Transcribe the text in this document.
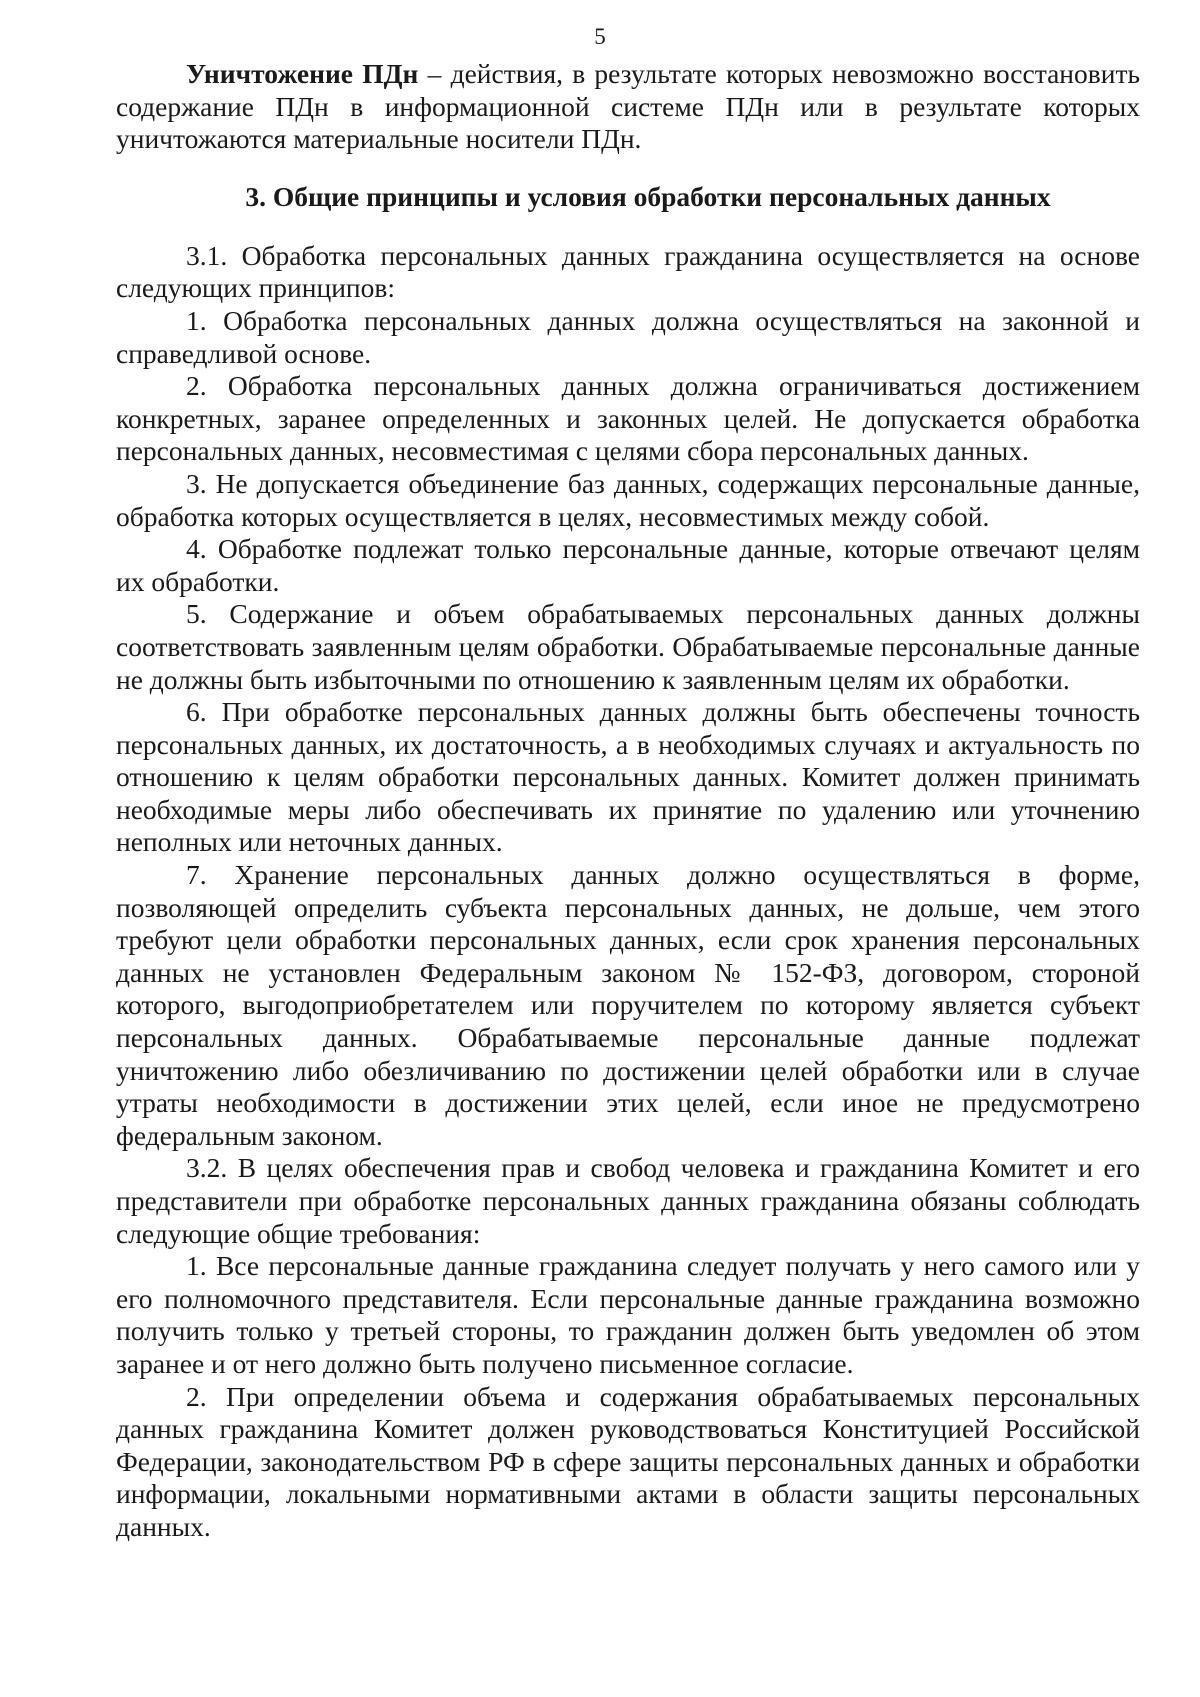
5

Уничтожение ПДн – действия, в результате которых невозможно восстановить содержание ПДн в информационной системе ПДн или в результате которых уничтожаются материальные носители ПДн.

3. Общие принципы и условия обработки персональных данных

3.1. Обработка персональных данных гражданина осуществляется на основе следующих принципов:

1. Обработка персональных данных должна осуществляться на законной и справедливой основе.

2. Обработка персональных данных должна ограничиваться достижением конкретных, заранее определенных и законных целей. Не допускается обработка персональных данных, несовместимая с целями сбора персональных данных.

3. Не допускается объединение баз данных, содержащих персональные данные, обработка которых осуществляется в целях, несовместимых между собой.

4. Обработке подлежат только персональные данные, которые отвечают целям их обработки.

5. Содержание и объем обрабатываемых персональных данных должны соответствовать заявленным целям обработки. Обрабатываемые персональные данные не должны быть избыточными по отношению к заявленным целям их обработки.

6. При обработке персональных данных должны быть обеспечены точность персональных данных, их достаточность, а в необходимых случаях и актуальность по отношению к целям обработки персональных данных. Комитет должен принимать необходимые меры либо обеспечивать их принятие по удалению или уточнению неполных или неточных данных.

7. Хранение персональных данных должно осуществляться в форме, позволяющей определить субъекта персональных данных, не дольше, чем этого требуют цели обработки персональных данных, если срок хранения персональных данных не установлен Федеральным законом № 152-ФЗ, договором, стороной которого, выгодоприобретателем или поручителем по которому является субъект персональных данных. Обрабатываемые персональные данные подлежат уничтожению либо обезличиванию по достижении целей обработки или в случае утраты необходимости в достижении этих целей, если иное не предусмотрено федеральным законом.

3.2. В целях обеспечения прав и свобод человека и гражданина Комитет и его представители при обработке персональных данных гражданина обязаны соблюдать следующие общие требования:

1. Все персональные данные гражданина следует получать у него самого или у его полномочного представителя. Если персональные данные гражданина возможно получить только у третьей стороны, то гражданин должен быть уведомлен об этом заранее и от него должно быть получено письменное согласие.

2. При определении объема и содержания обрабатываемых персональных данных гражданина Комитет должен руководствоваться Конституцией Российской Федерации, законодательством РФ в сфере защиты персональных данных и обработки информации, локальными нормативными актами в области защиты персональных данных.
